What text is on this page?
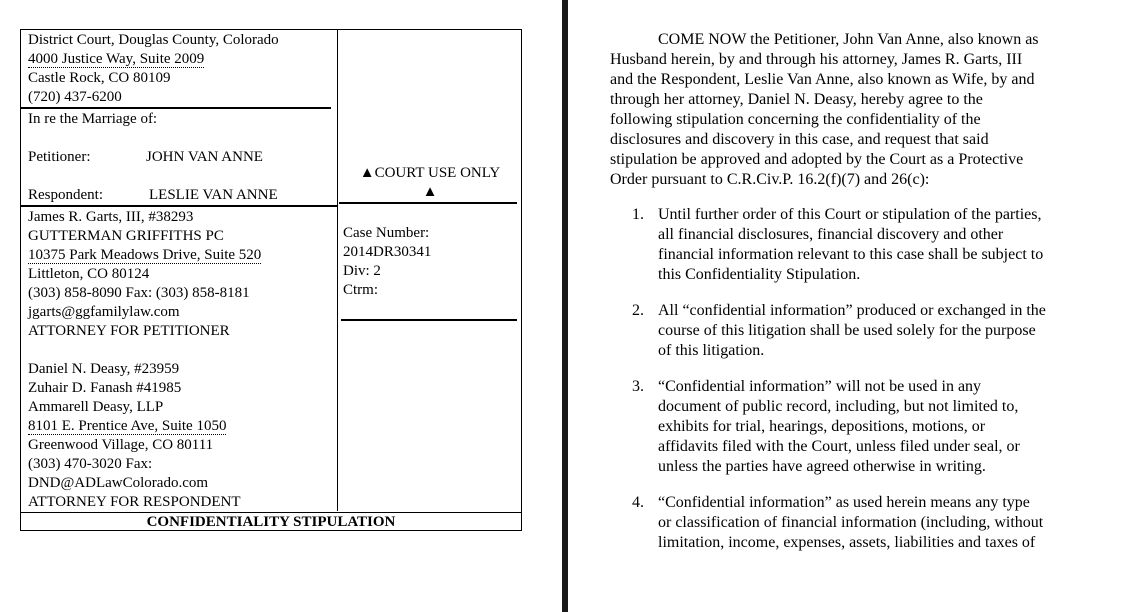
District Court, Douglas County, Colorado
4000 Justice Way, Suite 2009
Castle Rock, CO 80109
(720) 437-6200
In re the Marriage of:
Petitioner:	JOHN VAN ANNE
Respondent:	LESLIE VAN ANNE
▲COURT USE ONLY
▲
James R. Garts, III, #38293
GUTTERMAN GRIFFITHS PC
10375 Park Meadows Drive, Suite 520
Littleton, CO 80124
(303) 858-8090 Fax: (303) 858-8181
jgarts@ggfamilylaw.com
ATTORNEY FOR PETITIONER
Case Number:
2014DR30341
Div: 2
Ctrm:
Daniel N. Deasy, #23959
Zuhair D. Fanash #41985
Ammarell Deasy, LLP
8101 E. Prentice Ave, Suite 1050
Greenwood Village, CO 80111
(303) 470-3020 Fax:
DND@ADLawColorado.com
ATTORNEY FOR RESPONDENT
CONFIDENTIALITY STIPULATION
COME NOW the Petitioner, John Van Anne, also known as
Husband herein, by and through his attorney, James R. Garts, III
and the Respondent, Leslie Van Anne, also known as Wife, by and
through her attorney, Daniel N. Deasy, hereby agree to the
following stipulation concerning the confidentiality of the
disclosures and discovery in this case, and request that said
stipulation be approved and adopted by the Court as a Protective
Order pursuant to C.R.Civ.P. 16.2(f)(7) and 26(c):
1. Until further order of this Court or stipulation of the parties,
all financial disclosures, financial discovery and other
financial information relevant to this case shall be subject to
this Confidentiality Stipulation.
2. All “confidential information” produced or exchanged in the
course of this litigation shall be used solely for the purpose
of this litigation.
3. “Confidential information” will not be used in any
document of public record, including, but not limited to,
exhibits for trial, hearings, depositions, motions, or
affidavits filed with the Court, unless filed under seal, or
unless the parties have agreed otherwise in writing.
4. “Confidential information” as used herein means any type
or classification of financial information (including, without
limitation, income, expenses, assets, liabilities and taxes of
